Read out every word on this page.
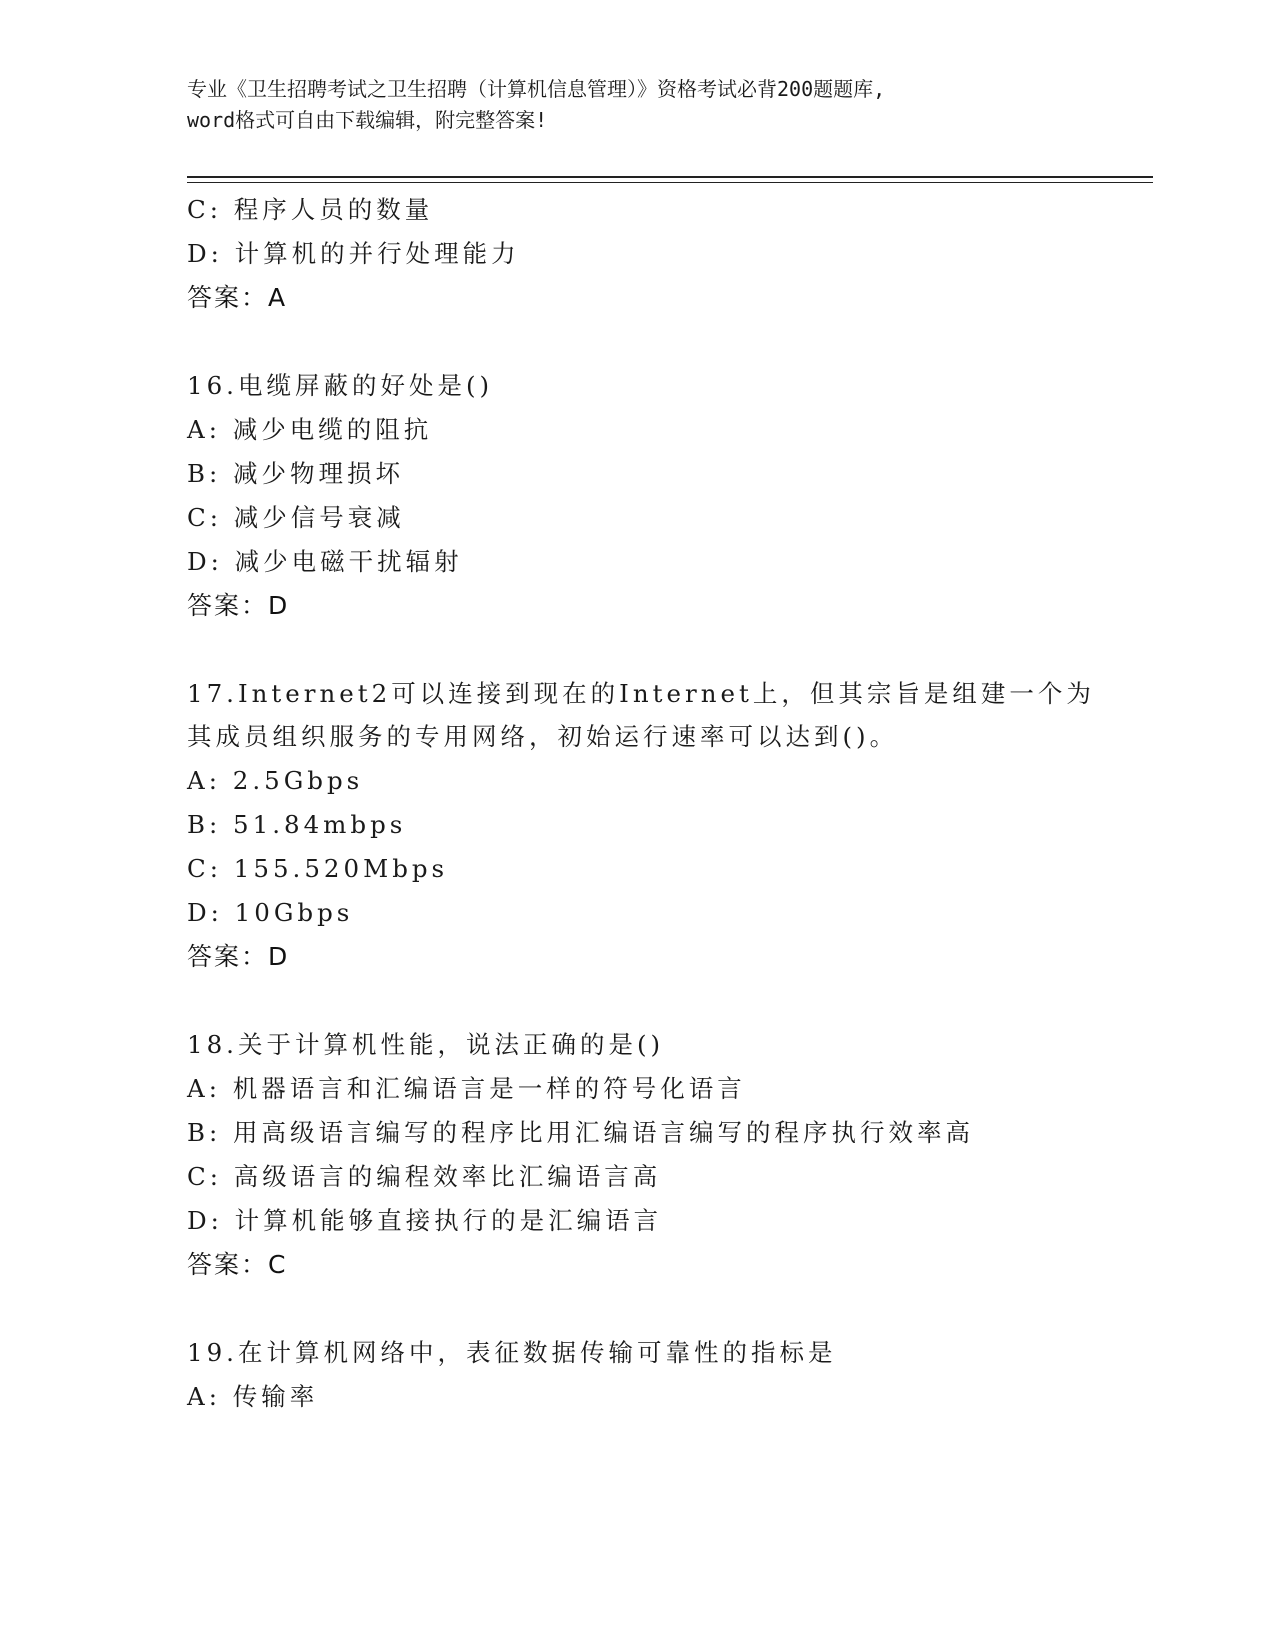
专业《卫生招聘考试之卫生招聘（计算机信息管理）》资格考试必背200题题库,
word格式可自由下载编辑，附完整答案!
C: 程序人员的数量
D: 计算机的并行处理能力
答案：A
16.电缆屏蔽的好处是()
A: 减少电缆的阻抗
B: 减少物理损坏
C: 减少信号衰减
D: 减少电磁干扰辐射
答案：D
17.Internet2可以连接到现在的Internet上，但其宗旨是组建一个为
其成员组织服务的专用网络，初始运行速率可以达到()。
A: 2.5Gbps
B: 51.84mbps
C: 155.520Mbps
D: 10Gbps
答案：D
18.关于计算机性能，说法正确的是()
A: 机器语言和汇编语言是一样的符号化语言
B: 用高级语言编写的程序比用汇编语言编写的程序执行效率高
C: 高级语言的编程效率比汇编语言高
D: 计算机能够直接执行的是汇编语言
答案：C
19.在计算机网络中，表征数据传输可靠性的指标是
A: 传输率
